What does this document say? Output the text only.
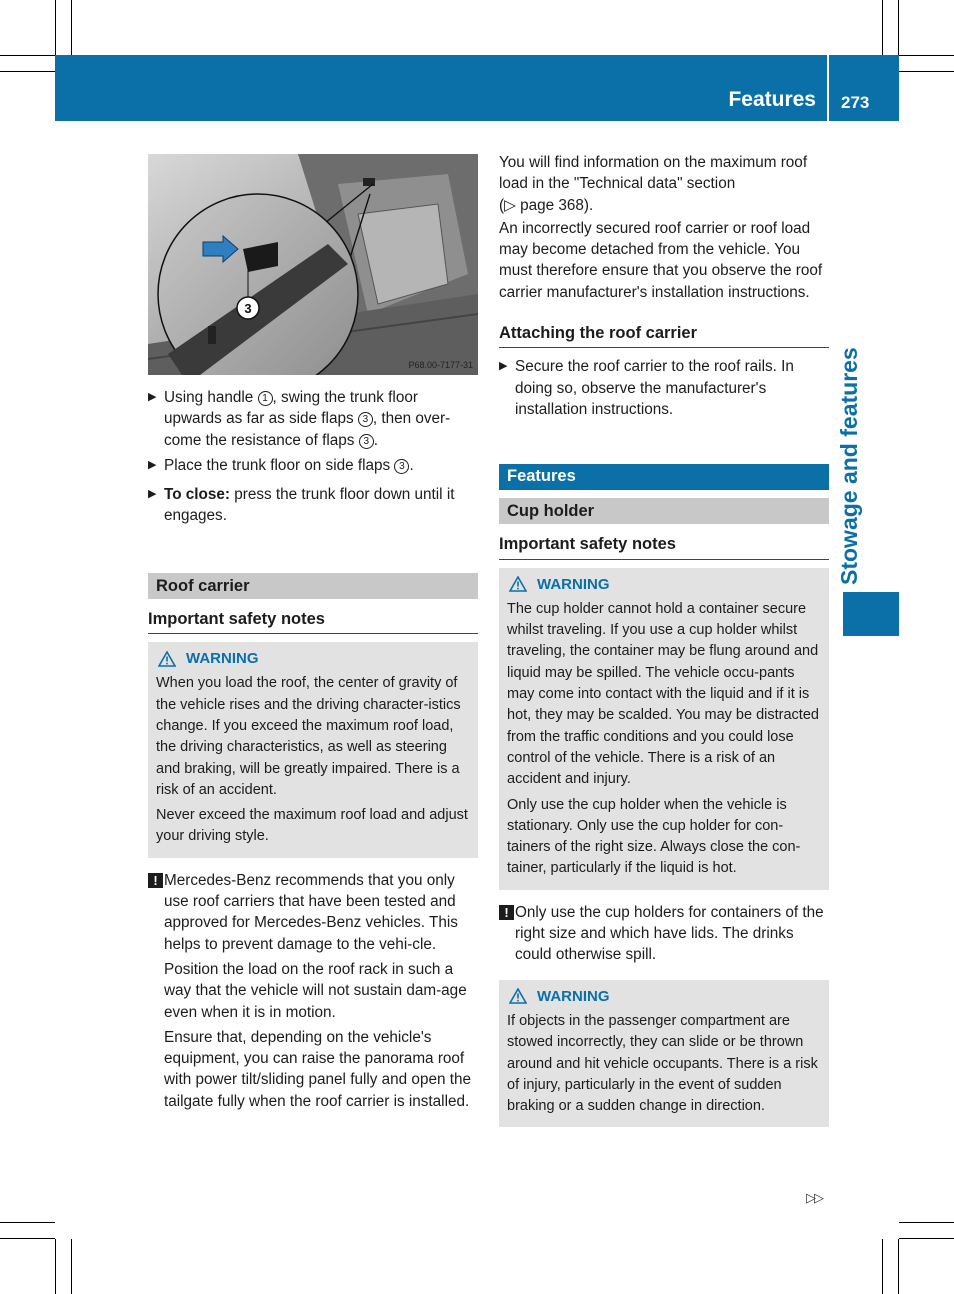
Features 273
Stowage and features
3
P68.00-7177-31
▶ Using handle 1 , swing the trunk floor upwards as far as side flaps 3 , then over-come the resistance of flaps 3 .
▶ Place the trunk floor on side flaps 3 .
▶ To close: press the trunk floor down until it engages.
Roof carrier
Important safety notes
WARNING

When you load the roof, the center of gravity of the vehicle rises and the driving character-istics change. If you exceed the maximum roof load, the driving characteristics, as well as steering and braking, will be greatly impaired. There is a risk of an accident.

Never exceed the maximum roof load and adjust your driving style.

! Mercedes-Benz recommends that you only use roof carriers that have been tested and approved for Mercedes-Benz vehicles. This helps to prevent damage to the vehi-cle.

Position the load on the roof rack in such a way that the vehicle will not sustain dam-age even when it is in motion.

Ensure that, depending on the vehicle's equipment, you can raise the panorama roof with power tilt/sliding panel fully and open the tailgate fully when the roof carrier is installed.

You will find information on the maximum roof load in the "Technical data" section
(▷ page 368).

An incorrectly secured roof carrier or roof load may become detached from the vehicle. You must therefore ensure that you observe the roof carrier manufacturer's installation instructions.

Attaching the roof carrier
▶ Secure the roof carrier to the roof rails. In doing so, observe the manufacturer's installation instructions.
Features
Cup holder
Important safety notes
WARNING

The cup holder cannot hold a container secure whilst traveling. If you use a cup holder whilst traveling, the container may be flung around and liquid may be spilled. The vehicle occu-pants may come into contact with the liquid and if it is hot, they may be scalded. You may be distracted from the traffic conditions and you could lose control of the vehicle. There is a risk of an accident and injury.

Only use the cup holder when the vehicle is stationary. Only use the cup holder for con-tainers of the right size. Always close the con-tainer, particularly if the liquid is hot.

! Only use the cup holders for containers of the right size and which have lids. The drinks could otherwise spill.

WARNING

If objects in the passenger compartment are stowed incorrectly, they can slide or be thrown around and hit vehicle occupants. There is a risk of injury, particularly in the event of sudden braking or a sudden change in direction.

▷▷
